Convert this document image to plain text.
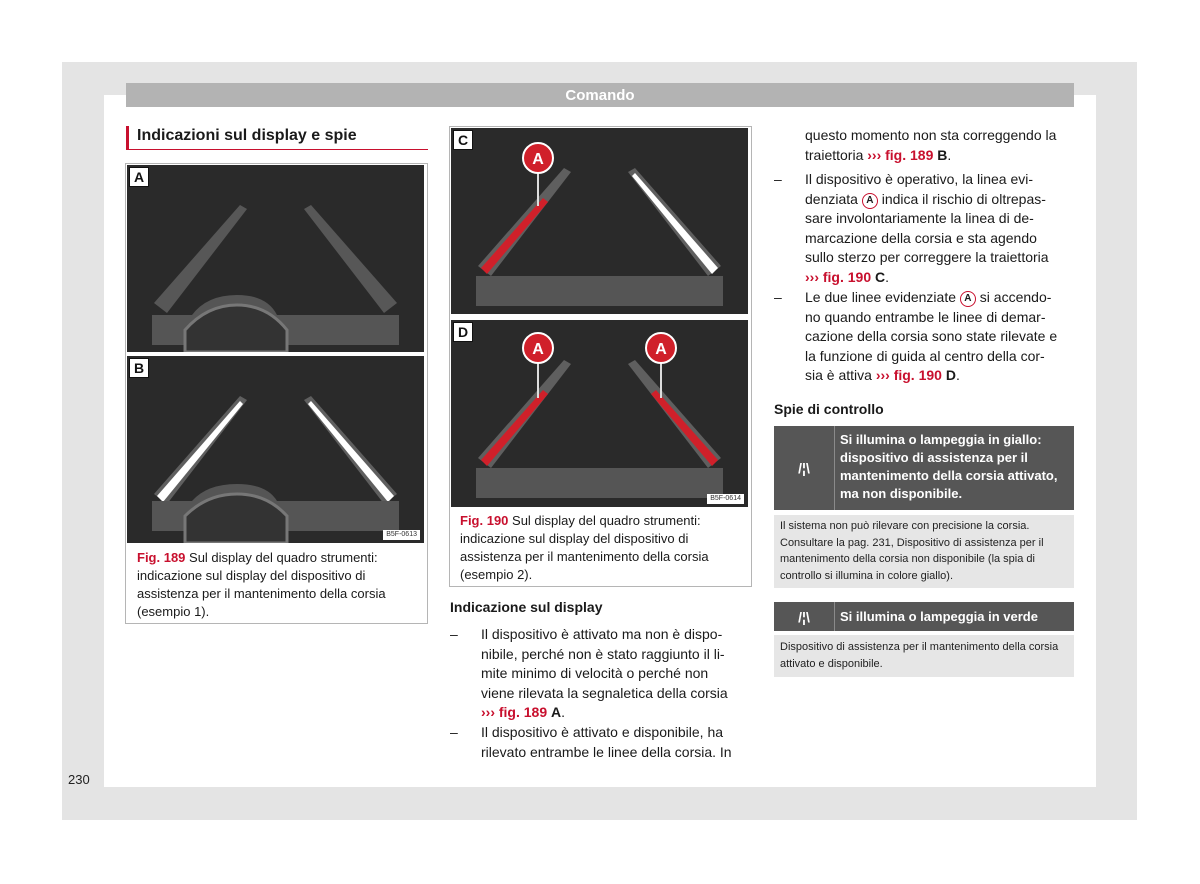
Comando
Indicazioni sul display e spie
A
B
B5F-0613
Fig. 189 Sul display del quadro strumenti: indicazione sul display del dispositivo di assistenza per il mantenimento della corsia (esempio 1).
A
C
A	A
D
B5F-0614
Fig. 190 Sul display del quadro strumenti: indicazione sul display del dispositivo di assistenza per il mantenimento della corsia (esempio 2).
Indicazione sul display
–	Il dispositivo è attivato ma non è dispo-
nibile, perché non è stato raggiunto il li-
mite minimo di velocità o perché non
viene rilevata la segnaletica della corsia
››› fig. 189 A.
–	Il dispositivo è attivato e disponibile, ha
rilevato entrambe le linee della corsia. In
questo momento non sta correggendo la
traiettoria ››› fig. 189 B.
–	Il dispositivo è operativo, la linea evi-
denziata A indica il rischio di oltrepas-
sare involontariamente la linea di de-
marcazione della corsia e sta agendo
sullo sterzo per correggere la traiettoria
››› fig. 190 C.
–	Le due linee evidenziate A si accendo-
no quando entrambe le linee di demar-
cazione della corsia sono state rilevate e
la funzione di guida al centro della cor-
sia è attiva ››› fig. 190 D.
Spie di controllo
/¦\
Si illumina o lampeggia in giallo: dispositivo di assistenza per il mantenimento della corsia attivato, ma non disponibile.
Il sistema non può rilevare con precisione la corsia. Consultare la pag. 231, Dispositivo di assistenza per il mantenimento della corsia non disponibile (la spia di controllo si illumina in colore giallo).
/¦\	Si illumina o lampeggia in verde
Dispositivo di assistenza per il mantenimento della corsia attivato e disponibile.
230
